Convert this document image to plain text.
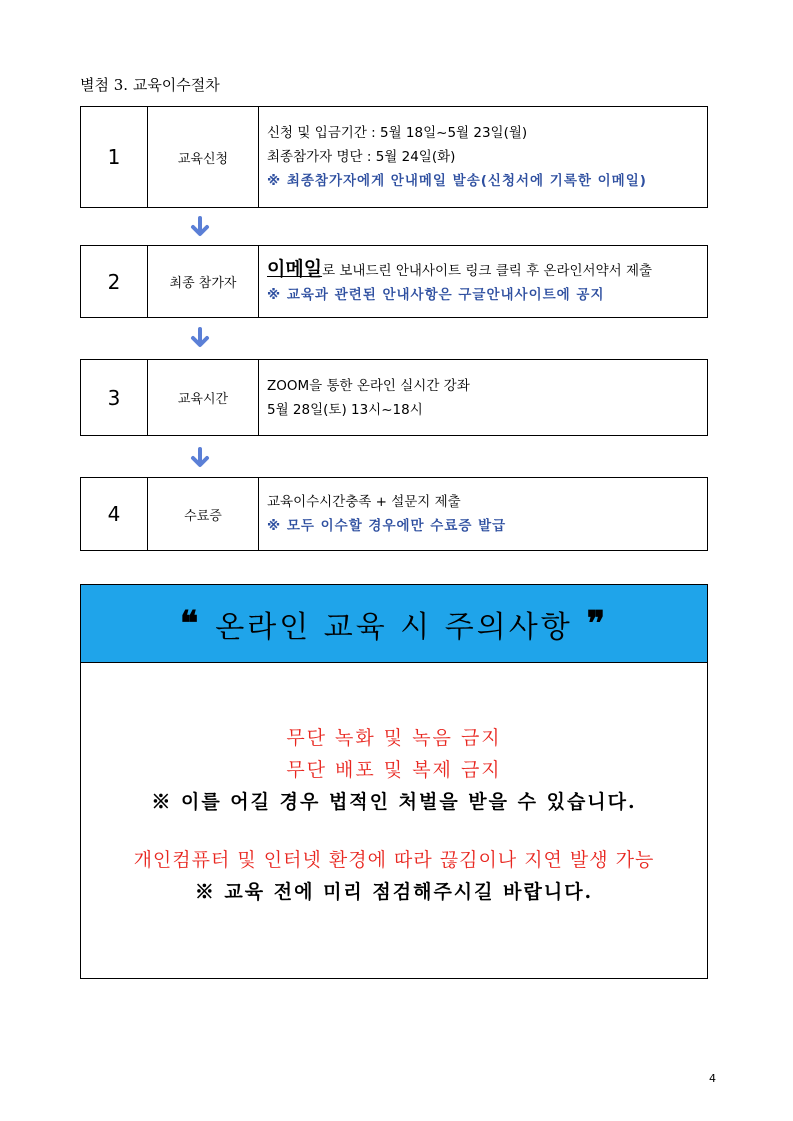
별첨 3. 교육이수절차
1	교육신청
신청 및 입금기간 : 5월 18일~5월 23일(월)
최종참가자 명단 : 5월 24일(화)
※ 최종참가자에게 안내메일 발송(신청서에 기록한 이메일)
2	최종 참가자
이메일로 보내드린 안내사이트 링크 클릭 후 온라인서약서 제출
※ 교육과 관련된 안내사항은 구글안내사이트에 공지
3	교육시간
ZOOM을 통한 온라인 실시간 강좌
5월 28일(토) 13시~18시
4	수료증
교육이수시간충족 + 설문지 제출
※ 모두 이수할 경우에만 수료증 발급
❝ 온라인 교육 시 주의사항 ❞
무단 녹화 및 녹음 금지
무단 배포 및 복제 금지
※ 이를 어길 경우 법적인 처벌을 받을 수 있습니다.
개인컴퓨터 및 인터넷 환경에 따라 끊김이나 지연 발생 가능
※ 교육 전에 미리 점검해주시길 바랍니다.
4
